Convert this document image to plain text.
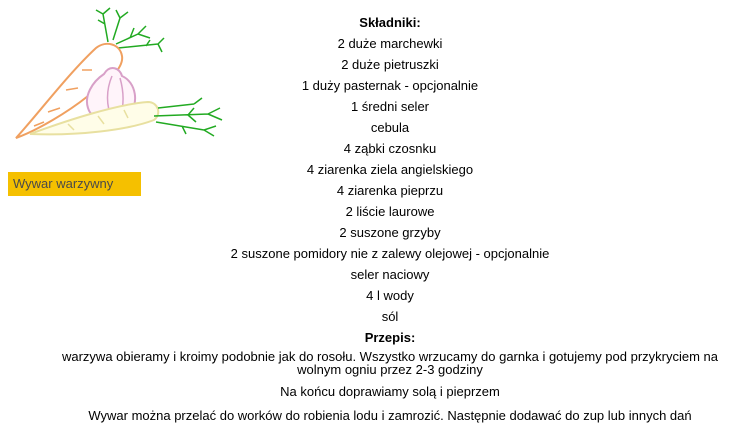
Wywar warzywny
Składniki:
2 duże marchewki
2 duże pietruszki
1 duży pasternak - opcjonalnie
1 średni seler
cebula
4 ząbki czosnku
4 ziarenka ziela angielskiego
4 ziarenka pieprzu
2 liście laurowe
2 suszone grzyby
2 suszone pomidory nie z zalewy olejowej - opcjonalnie
seler naciowy
4 l wody
sól
Przepis:

warzywa obieramy i kroimy podobnie jak do rosołu. Wszystko wrzucamy do garnka i gotujemy pod przykryciem na wolnym ogniu przez 2-3 godziny

Na końcu doprawiamy solą i pieprzem

Wywar można przelać do worków do robienia lodu i zamrozić. Następnie dodawać do zup lub innych dań
